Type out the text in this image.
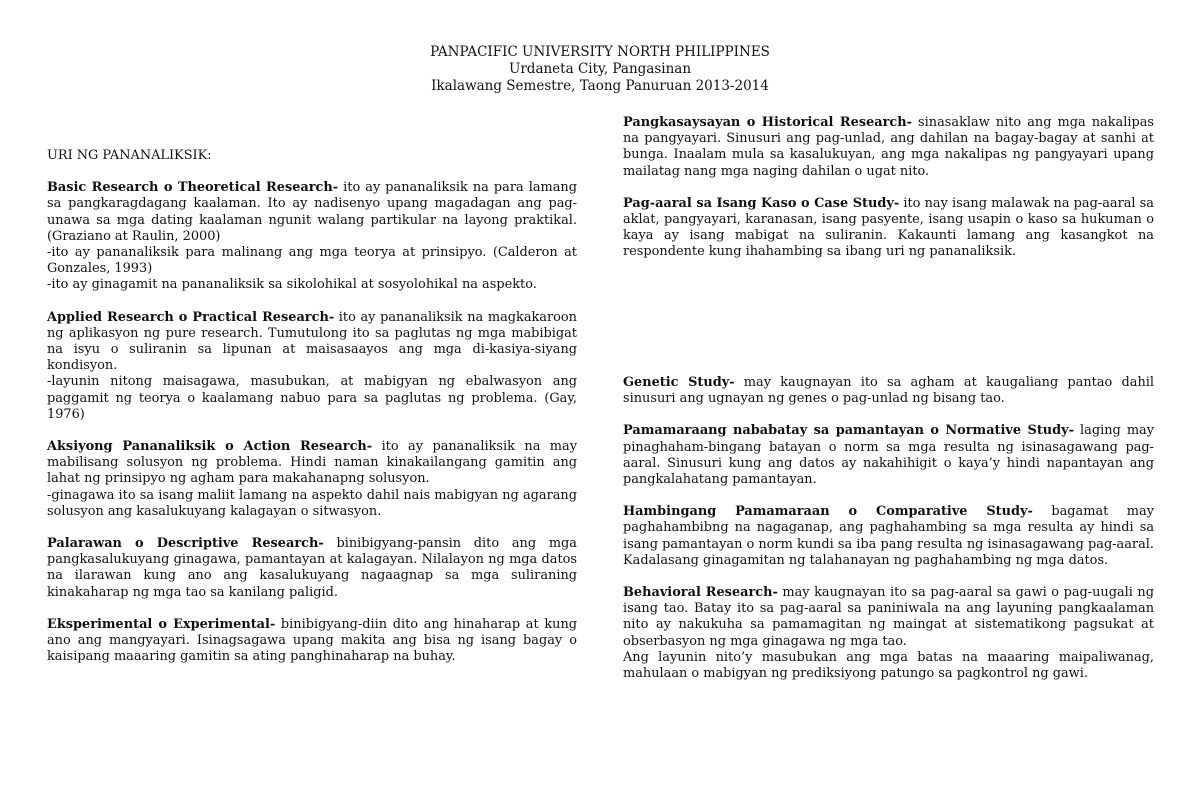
PANPACIFIC UNIVERSITY NORTH PHILIPPINES
Urdaneta City, Pangasinan
Ikalawang Semestre, Taong Panuruan 2013-2014
URI NG PANANALIKSIK:

Basic Research o Theoretical Research- ito ay pananaliksik na para lamang sa pangkaragdagang kaalaman. Ito ay nadisenyo upang magadagan ang pag-unawa sa mga dating kaalaman ngunit walang partikular na layong praktikal. (Graziano at Raulin, 2000)

-ito ay pananaliksik para malinang ang mga teorya at prinsipyo. (Calderon at Gonzales, 1993)

-ito ay ginagamit na pananaliksik sa sikolohikal at sosyolohikal na aspekto.

Applied Research o Practical Research- ito ay pananaliksik na magkakaroon ng aplikasyon ng pure research. Tumutulong ito sa paglutas ng mga mabibigat na isyu o suliranin sa lipunan at maisasaayos ang mga di-kasiya-siyang kondisyon.

-layunin nitong maisagawa, masubukan, at mabigyan ng ebalwasyon ang paggamit ng teorya o kaalamang nabuo para sa paglutas ng problema. (Gay, 1976)

Aksiyong Pananaliksik o Action Research- ito ay pananaliksik na may mabilisang solusyon ng problema. Hindi naman kinakailangang gamitin ang lahat ng prinsipyo ng agham para makahanapng solusyon.

-ginagawa ito sa isang maliit lamang na aspekto dahil nais mabigyan ng agarang solusyon ang kasalukuyang kalagayan o sitwasyon.

Palarawan o Descriptive Research- binibigyang-pansin dito ang mga pangkasalukuyang ginagawa, pamantayan at kalagayan. Nilalayon ng mga datos na ilarawan kung ano ang kasalukuyang nagaagnap sa mga suliraning kinakaharap ng mga tao sa kanilang paligid.

Eksperimental o Experimental- binibigyang-diin dito ang hinaharap at kung ano ang mangyayari. Isinagsagawa upang makita ang bisa ng isang bagay o kaisipang maaaring gamitin sa ating panghinaharap na buhay.

Pangkasaysayan o Historical Research- sinasaklaw nito ang mga nakalipas na pangyayari. Sinusuri ang pag-unlad, ang dahilan na bagay-bagay at sanhi at bunga. Inaalam mula sa kasalukuyan, ang mga nakalipas ng pangyayari upang mailatag nang mga naging dahilan o ugat nito.

Pag-aaral sa Isang Kaso o Case Study- ito nay isang malawak na pag-aaral sa aklat, pangyayari, karanasan, isang pasyente, isang usapin o kaso sa hukuman o kaya ay isang mabigat na suliranin. Kakaunti lamang ang kasangkot na respondente kung ihahambing sa ibang uri ng pananaliksik.

Genetic Study- may kaugnayan ito sa agham at kaugaliang pantao dahil sinusuri ang ugnayan ng genes o pag-unlad ng bisang tao.

Pamamaraang nababatay sa pamantayan o Normative Study- laging may pinaghaham-bingang batayan o norm sa mga resulta ng isinasagawang pag-aaral. Sinusuri kung ang datos ay nakahihigit o kaya’y hindi napantayan ang pangkalahatang pamantayan.

Hambingang Pamamaraan o Comparative Study- bagamat may paghahambibng na nagaganap, ang paghahambing sa mga resulta ay hindi sa isang pamantayan o norm kundi sa iba pang resulta ng isinasagawang pag-aaral. Kadalasang ginagamitan ng talahanayan ng paghahambing ng mga datos.

Behavioral Research- may kaugnayan ito sa pag-aaral sa gawi o pag-uugali ng isang tao. Batay ito sa pag-aaral sa paniniwala na ang layuning pangkaalaman nito ay nakukuha sa pamamagitan ng maingat at sistematikong pagsukat at obserbasyon ng mga ginagawa ng mga tao.

Ang layunin nito’y masubukan ang mga batas na maaaring maipaliwanag, mahulaan o mabigyan ng prediksiyong patungo sa pagkontrol ng gawi.
